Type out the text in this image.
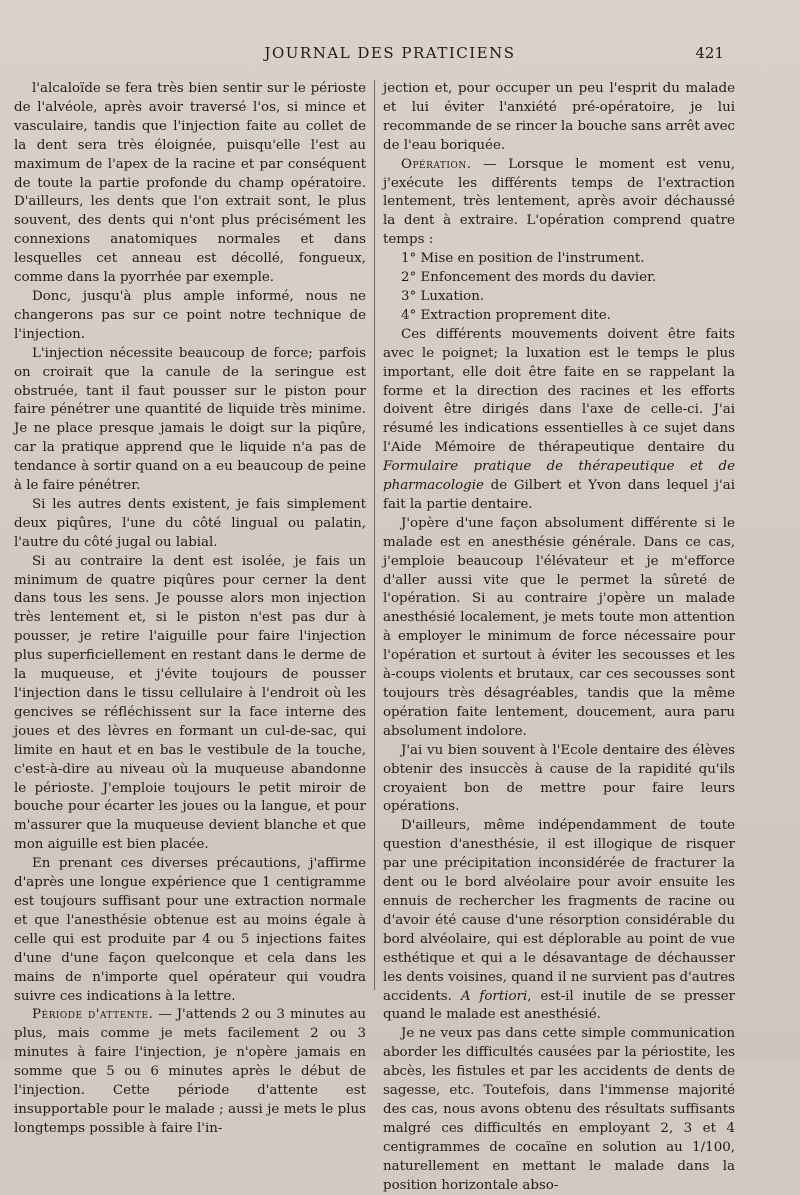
JOURNAL DES PRATICIENS	421

l'alcaloïde se fera très bien sentir sur le périoste de l'alvéole, après avoir traversé l'os, si mince et vasculaire, tandis que l'injection faite au collet de la dent sera très éloignée, puisqu'elle l'est au maximum de l'apex de la racine et par conséquent de toute la partie profonde du champ opératoire. D'ailleurs, les dents que l'on extrait sont, le plus souvent, des dents qui n'ont plus précisément les connexions anatomiques normales et dans lesquelles cet anneau est décollé, fongueux, comme dans la pyorrhée par exemple.

Donc, jusqu'à plus ample informé, nous ne changerons pas sur ce point notre technique de l'injection.

L'injection nécessite beaucoup de force; parfois on croirait que la canule de la seringue est obstruée, tant il faut pousser sur le piston pour faire pénétrer une quantité de liquide très minime. Je ne place presque jamais le doigt sur la piqûre, car la pratique apprend que le liquide n'a pas de tendance à sortir quand on a eu beaucoup de peine à le faire pénétrer.

Si les autres dents existent, je fais simplement deux piqûres, l'une du côté lingual ou palatin, l'autre du côté jugal ou labial.

Si au contraire la dent est isolée, je fais un minimum de quatre piqûres pour cerner la dent dans tous les sens. Je pousse alors mon injection très lentement et, si le piston n'est pas dur à pousser, je retire l'aiguille pour faire l'injection plus superficiellement en restant dans le derme de la muqueuse, et j'évite toujours de pousser l'injection dans le tissu cellulaire à l'endroit où les gencives se réfléchissent sur la face interne des joues et des lèvres en formant un cul-de-sac, qui limite en haut et en bas le vestibule de la touche, c'est-à-dire au niveau où la muqueuse abandonne le périoste. J'emploie toujours le petit miroir de bouche pour écarter les joues ou la langue, et pour m'assurer que la muqueuse devient blanche et que mon aiguille est bien placée.

En prenant ces diverses précautions, j'affirme d'après une longue expérience que 1 centigramme est toujours suffisant pour une extraction normale et que l'anesthésie obtenue est au moins égale à celle qui est produite par 4 ou 5 injections faites d'une d'une façon quelconque et cela dans les mains de n'importe quel opérateur qui voudra suivre ces indications à la lettre.

Période d'attente. — J'attends 2 ou 3 minutes au plus, mais comme je mets facilement 2 ou 3 minutes à faire l'injection, je n'opère jamais en somme que 5 ou 6 minutes après le début de l'injection. Cette période d'attente est insupportable pour le malade ; aussi je mets le plus longtemps possible à faire l'in-

jection et, pour occuper un peu l'esprit du malade et lui éviter l'anxiété pré-opératoire, je lui recommande de se rincer la bouche sans arrêt avec de l'eau boriquée.

Opération. — Lorsque le moment est venu, j'exécute les différents temps de l'extraction lentement, très lentement, après avoir déchaussé la dent à extraire. L'opération comprend quatre temps :

1° Mise en position de l'instrument.

2° Enfoncement des mords du davier.

3° Luxation.

4° Extraction proprement dite.

Ces différents mouvements doivent être faits avec le poignet; la luxation est le temps le plus important, elle doit être faite en se rappelant la forme et la direction des racines et les efforts doivent être dirigés dans l'axe de celle-ci. J'ai résumé les indications essentielles à ce sujet dans l'Aide Mémoire de thérapeutique dentaire du Formulaire pratique de thérapeutique et de pharmacologie de Gilbert et Yvon dans lequel j'ai fait la partie dentaire.

J'opère d'une façon absolument différente si le malade est en anesthésie générale. Dans ce cas, j'emploie beaucoup l'élévateur et je m'efforce d'aller aussi vite que le permet la sûreté de l'opération. Si au contraire j'opère un malade anesthésié localement, je mets toute mon attention à employer le minimum de force nécessaire pour l'opération et surtout à éviter les secousses et les à-coups violents et brutaux, car ces secousses sont toujours très désagréables, tandis que la même opération faite lentement, doucement, aura paru absolument indolore.

J'ai vu bien souvent à l'Ecole dentaire des élèves obtenir des insuccès à cause de la rapidité qu'ils croyaient bon de mettre pour faire leurs opérations.

D'ailleurs, même indépendamment de toute question d'anesthésie, il est illogique de risquer par une précipitation inconsidérée de fracturer la dent ou le bord alvéolaire pour avoir ensuite les ennuis de rechercher les fragments de racine ou d'avoir été cause d'une résorption considérable du bord alvéolaire, qui est déplorable au point de vue esthétique et qui a le désavantage de déchausser les dents voisines, quand il ne survient pas d'autres accidents. A fortiori, est-il inutile de se presser quand le malade est anesthésié.

Je ne veux pas dans cette simple communication aborder les difficultés causées par la périostite, les abcès, les fistules et par les accidents de dents de sagesse, etc. Toutefois, dans l'immense majorité des cas, nous avons obtenu des résultats suffisants malgré ces difficultés en employant 2, 3 et 4 centigrammes de cocaïne en solution au 1/100, naturellement en mettant le malade dans la position horizontale abso-
